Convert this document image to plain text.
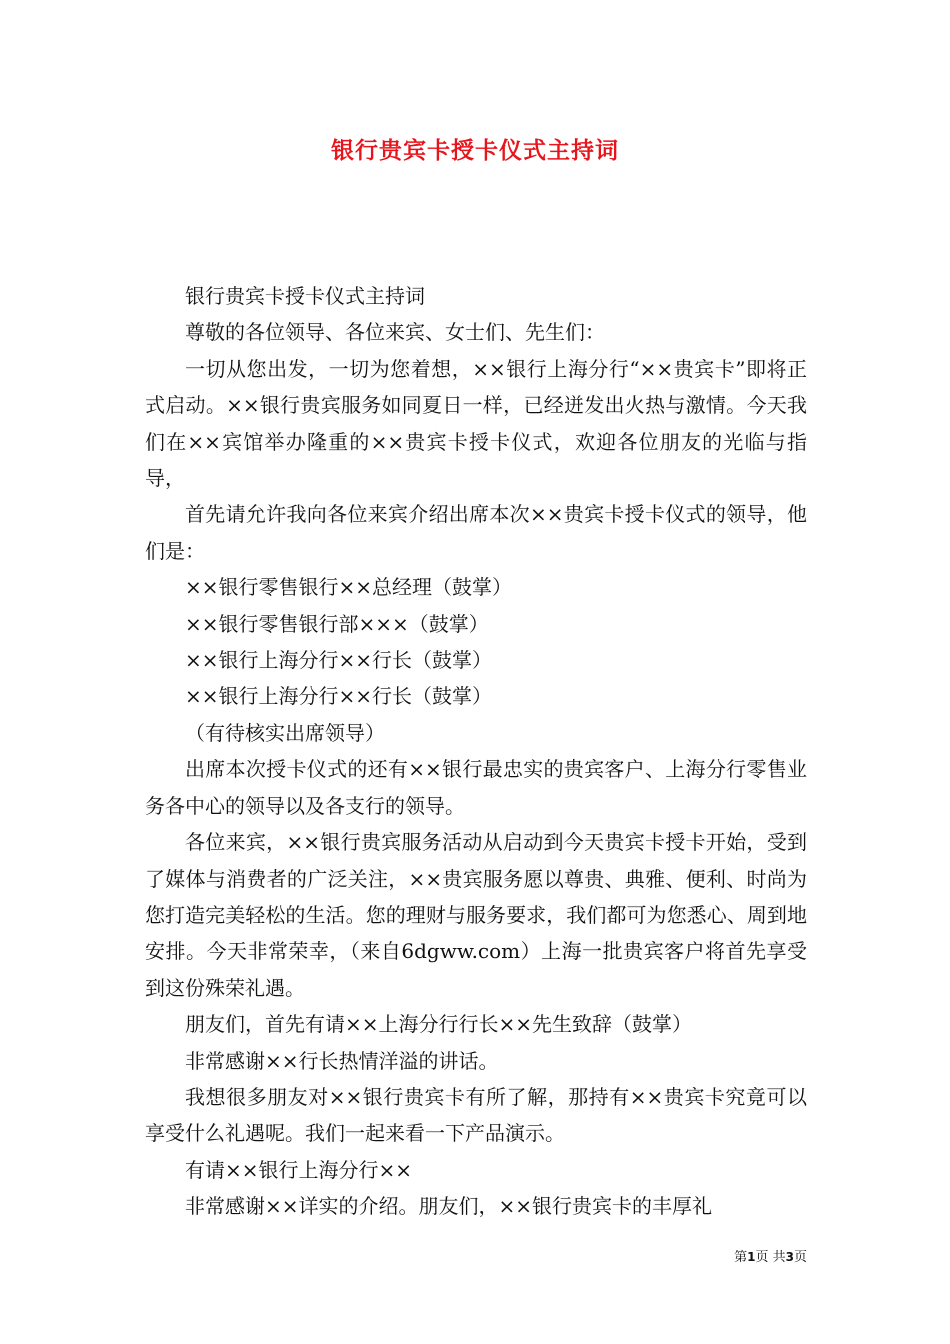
银行贵宾卡授卡仪式主持词

银行贵宾卡授卡仪式主持词

尊敬的各位领导、各位来宾、女士们、先生们：

一切从您出发，一切为您着想，××银行上海分行“××贵宾卡”即将正式启动。××银行贵宾服务如同夏日一样，已经迸发出火热与激情。今天我们在××宾馆举办隆重的××贵宾卡授卡仪式，欢迎各位朋友的光临与指导，

首先请允许我向各位来宾介绍出席本次××贵宾卡授卡仪式的领导，他们是：

××银行零售银行××总经理（鼓掌）

××银行零售银行部×××（鼓掌）

××银行上海分行××行长（鼓掌）

××银行上海分行××行长（鼓掌）

（有待核实出席领导）

出席本次授卡仪式的还有××银行最忠实的贵宾客户、上海分行零售业务各中心的领导以及各支行的领导。

各位来宾，××银行贵宾服务活动从启动到今天贵宾卡授卡开始，受到了媒体与消费者的广泛关注，××贵宾服务愿以尊贵、典雅、便利、时尚为您打造完美轻松的生活。您的理财与服务要求，我们都可为您悉心、周到地安排。今天非常荣幸，（来自6dgww.com）上海一批贵宾客户将首先享受到这份殊荣礼遇。

朋友们，首先有请××上海分行行长××先生致辞（鼓掌）

非常感谢××行长热情洋溢的讲话。

我想很多朋友对××银行贵宾卡有所了解，那持有××贵宾卡究竟可以享受什么礼遇呢。我们一起来看一下产品演示。

有请××银行上海分行××

非常感谢××详实的介绍。朋友们，××银行贵宾卡的丰厚礼

第1页 共3页
